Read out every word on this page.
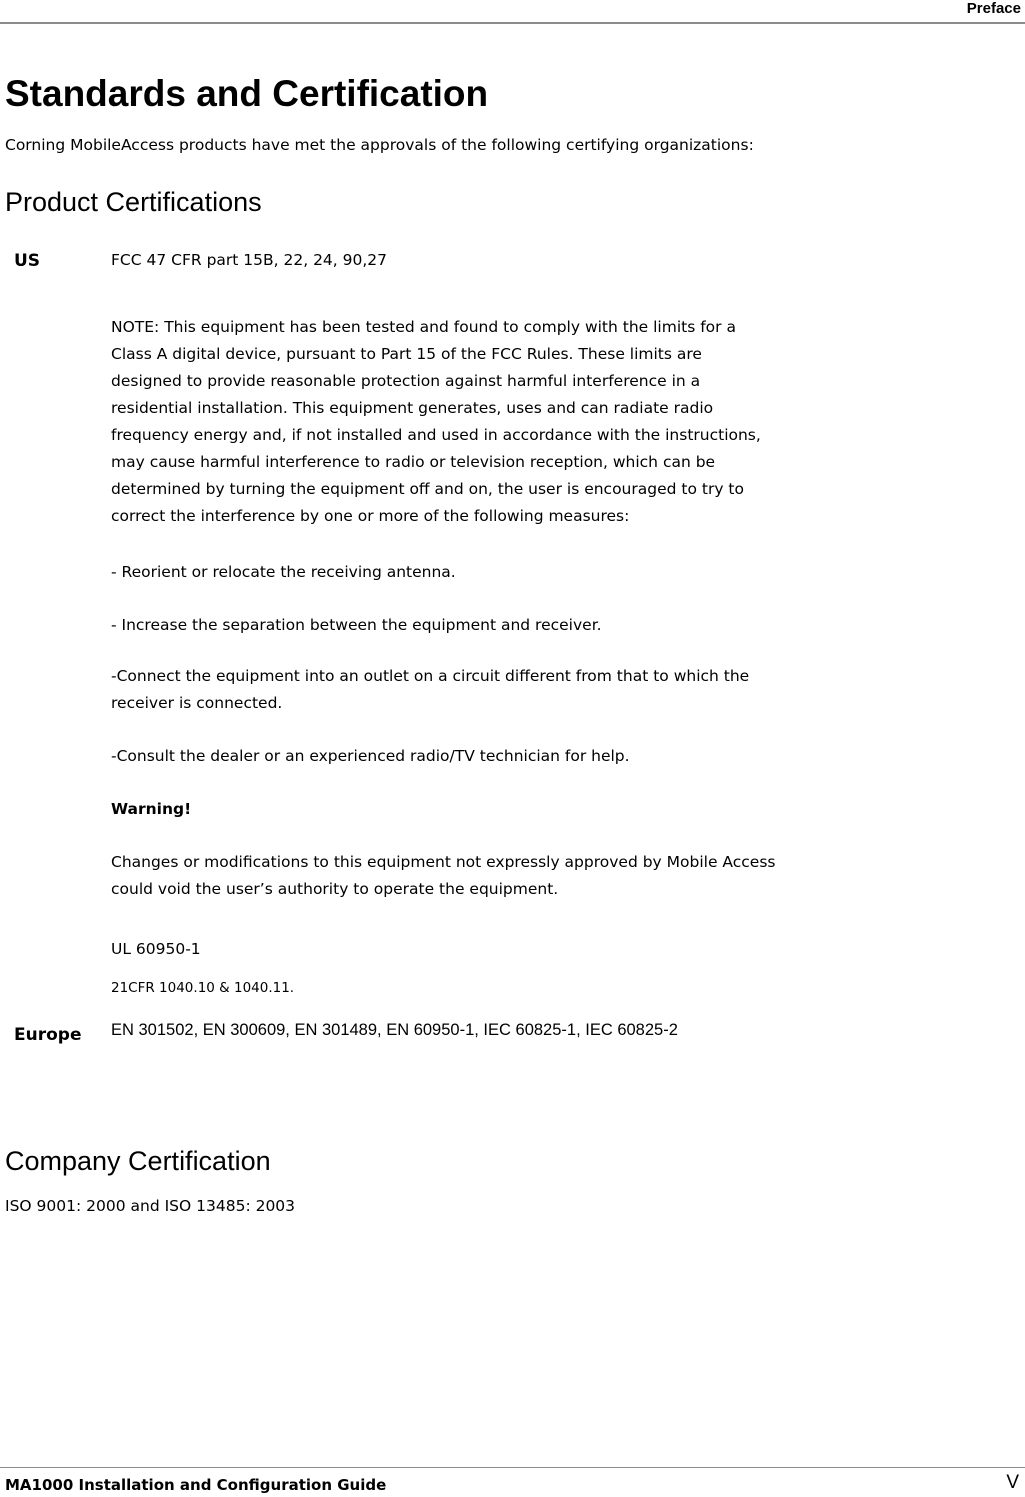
Preface
Standards and Certification
Corning MobileAccess products have met the approvals of the following certifying organizations:
Product Certifications
US	FCC 47 CFR part 15B, 22, 24, 90,27
NOTE: This equipment has been tested and found to comply with the limits for a
Class A digital device, pursuant to Part 15 of the FCC Rules. These limits are
designed to provide reasonable protection against harmful interference in a
residential installation. This equipment generates, uses and can radiate radio
frequency energy and, if not installed and used in accordance with the instructions,
may cause harmful interference to radio or television reception, which can be
determined by turning the equipment off and on, the user is encouraged to try to
correct the interference by one or more of the following measures:
- Reorient or relocate the receiving antenna.
- Increase the separation between the equipment and receiver.
-Connect the equipment into an outlet on a circuit different from that to which the
receiver is connected.
-Consult the dealer or an experienced radio/TV technician for help.
Warning!
Changes or modifications to this equipment not expressly approved by Mobile Access
could void the user’s authority to operate the equipment.
UL 60950-1
21CFR 1040.10 & 1040.11.
Europe EN 301502, EN 300609, EN 301489, EN 60950-1, IEC 60825-1, IEC 60825-2
Company Certification
ISO 9001: 2000 and ISO 13485: 2003
MA1000 Installation and Configuration Guide	V
